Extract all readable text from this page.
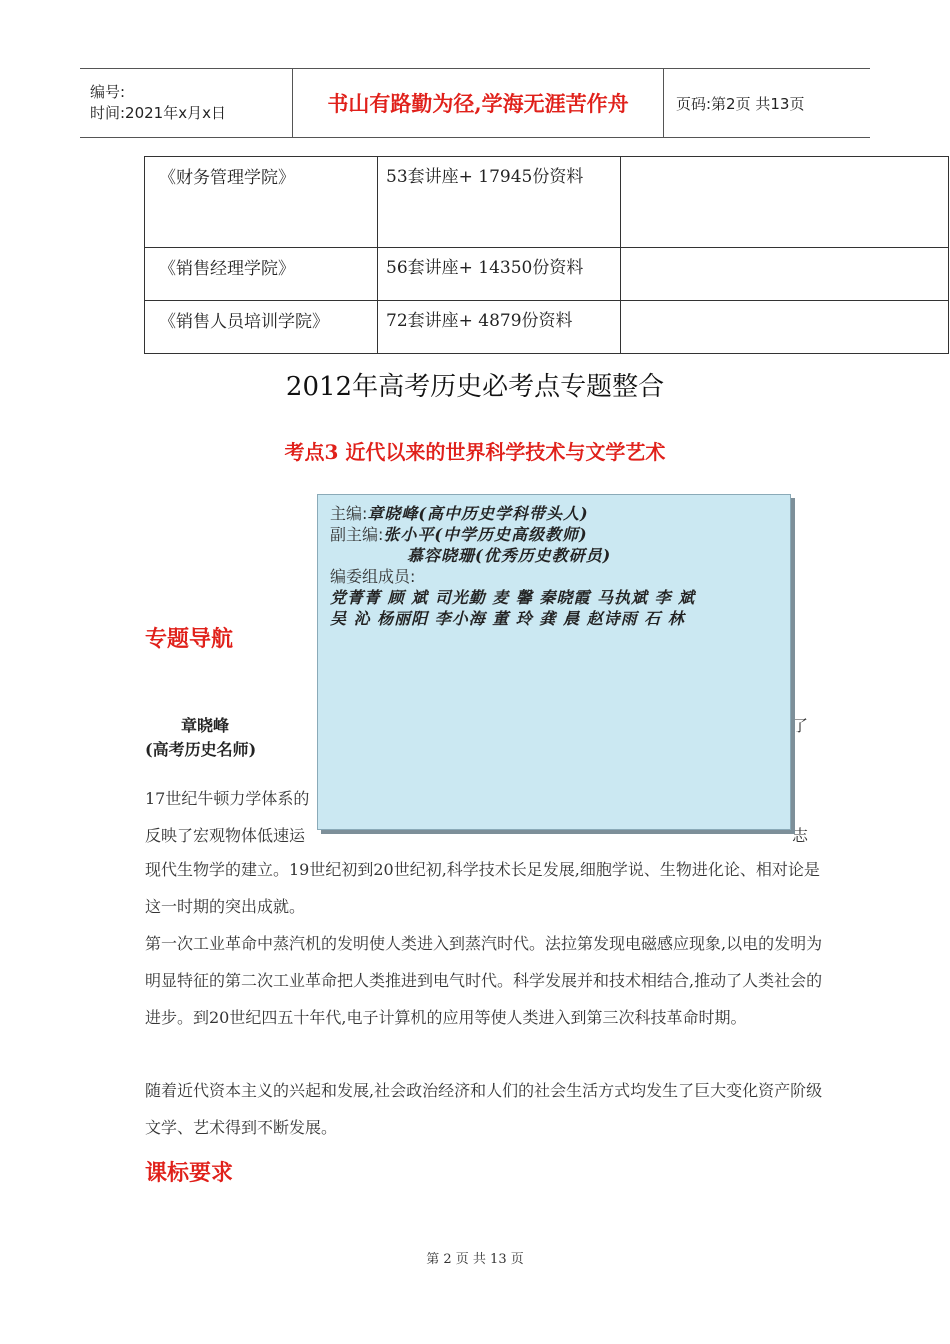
编号:
时间:2021年x月x日	书山有路勤为径,学海无涯苦作舟	页码:第2页 共13页
《财务管理学院》	53套讲座+ 17945份资料	
《销售经理学院》	56套讲座+ 14350份资料	
《销售人员培训学院》	72套讲座+ 4879份资料	
2012年高考历史必考点专题整合
考点3 近代以来的世界科学技术与文学艺术
专题导航
章晓峰
(高考历史名师)
了
17世纪牛顿力学体系的
反映了宏观物体低速运	志
现代生物学的建立。19世纪初到20世纪初,科学技术长足发展,细胞学说、生物进化论、相对论是这一时期的突出成就。
第一次工业革命中蒸汽机的发明使人类进入到蒸汽时代。法拉第发现电磁感应现象,以电的发明为明显特征的第二次工业革命把人类推进到电气时代。科学发展并和技术相结合,推动了人类社会的进步。到20世纪四五十年代,电子计算机的应用等使人类进入到第三次科技革命时期。
随着近代资本主义的兴起和发展,社会政治经济和人们的社会生活方式均发生了巨大变化资产阶级文学、艺术得到不断发展。
课标要求
主编:章晓峰(高中历史学科带头人)
副主编:张小平(中学历史高级教师)
慕容晓珊(优秀历史教研员)
编委组成员:
党菁菁 顾 斌 司光勤 麦 馨 秦晓霞 马执斌 李 斌
吴 沁 杨丽阳 李小海 董 玲 龚 晨 赵诗雨 石 林
第 2 页 共 13 页
